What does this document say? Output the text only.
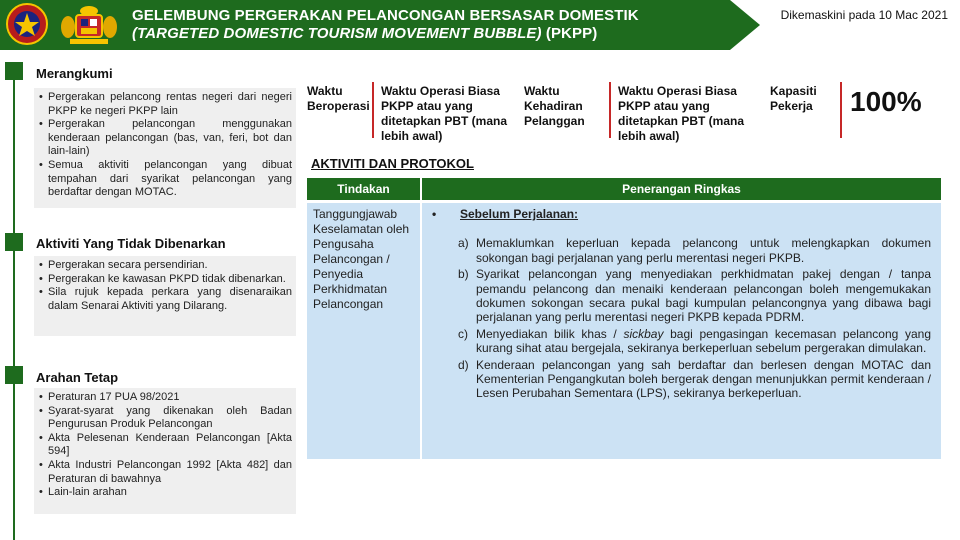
GELEMBUNG PERGERAKAN PELANCONGAN BERSASAR DOMESTIK
(TARGETED DOMESTIC TOURISM MOVEMENT BUBBLE) (PKPP)
Dikemaskini pada 10 Mac 2021
Merangkumi
• Pergerakan pelancong rentas negeri dari negeri PKPP ke negeri PKPP lain
• Pergerakan pelancongan menggunakan kenderaan pelancongan (bas, van, feri, bot dan lain-lain)
• Semua aktiviti pelancongan yang dibuat tempahan dari syarikat pelancongan yang berdaftar dengan MOTAC.
Aktiviti Yang Tidak Dibenarkan
• Pergerakan secara persendirian.
• Pergerakan ke kawasan PKPD tidak dibenarkan.
• Sila rujuk kepada perkara yang disenaraikan dalam Senarai Aktiviti yang Dilarang.
Arahan Tetap
• Peraturan 17 PUA 98/2021
• Syarat-syarat yang dikenakan oleh Badan Pengurusan Produk Pelancongan
• Akta Pelesenan Kenderaan Pelancongan [Akta 594]
• Akta Industri Pelancongan 1992 [Akta 482] dan Peraturan di bawahnya
• Lain-lain arahan
Waktu Beroperasi
Waktu Operasi Biasa PKPP atau yang ditetapkan PBT (mana lebih awal)
Waktu Kehadiran Pelanggan
Waktu Operasi Biasa PKPP atau yang ditetapkan PBT (mana lebih awal)
Kapasiti Pekerja	100%
AKTIVITI DAN PROTOKOL
Tindakan	Penerangan Ringkas
Tanggungjawab Keselamatan oleh Pengusaha Pelancongan / Penyedia Perkhidmatan Pelancongan
• Sebelum Perjalanan:
a) Memaklumkan keperluan kepada pelancong untuk melengkapkan dokumen sokongan bagi perjalanan yang perlu merentasi negeri PKPB.
b) Syarikat pelancongan yang menyediakan perkhidmatan pakej dengan / tanpa pemandu pelancong dan menaiki kenderaan pelancongan boleh mengemukakan dokumen sokongan secara pukal bagi kumpulan pelancongnya yang dibawa bagi perjalanan yang perlu merentasi negeri PKPB kepada PDRM.
c) Menyediakan bilik khas / sickbay bagi pengasingan kecemasan pelancong yang kurang sihat atau bergejala, sekiranya berkeperluan sebelum pergerakan dimulakan.
d) Kenderaan pelancongan yang sah berdaftar dan berlesen dengan MOTAC dan Kementerian Pengangkutan boleh bergerak dengan menunjukkan permit kenderaan / Lesen Perubahan Sementara (LPS), sekiranya berkeperluan.
